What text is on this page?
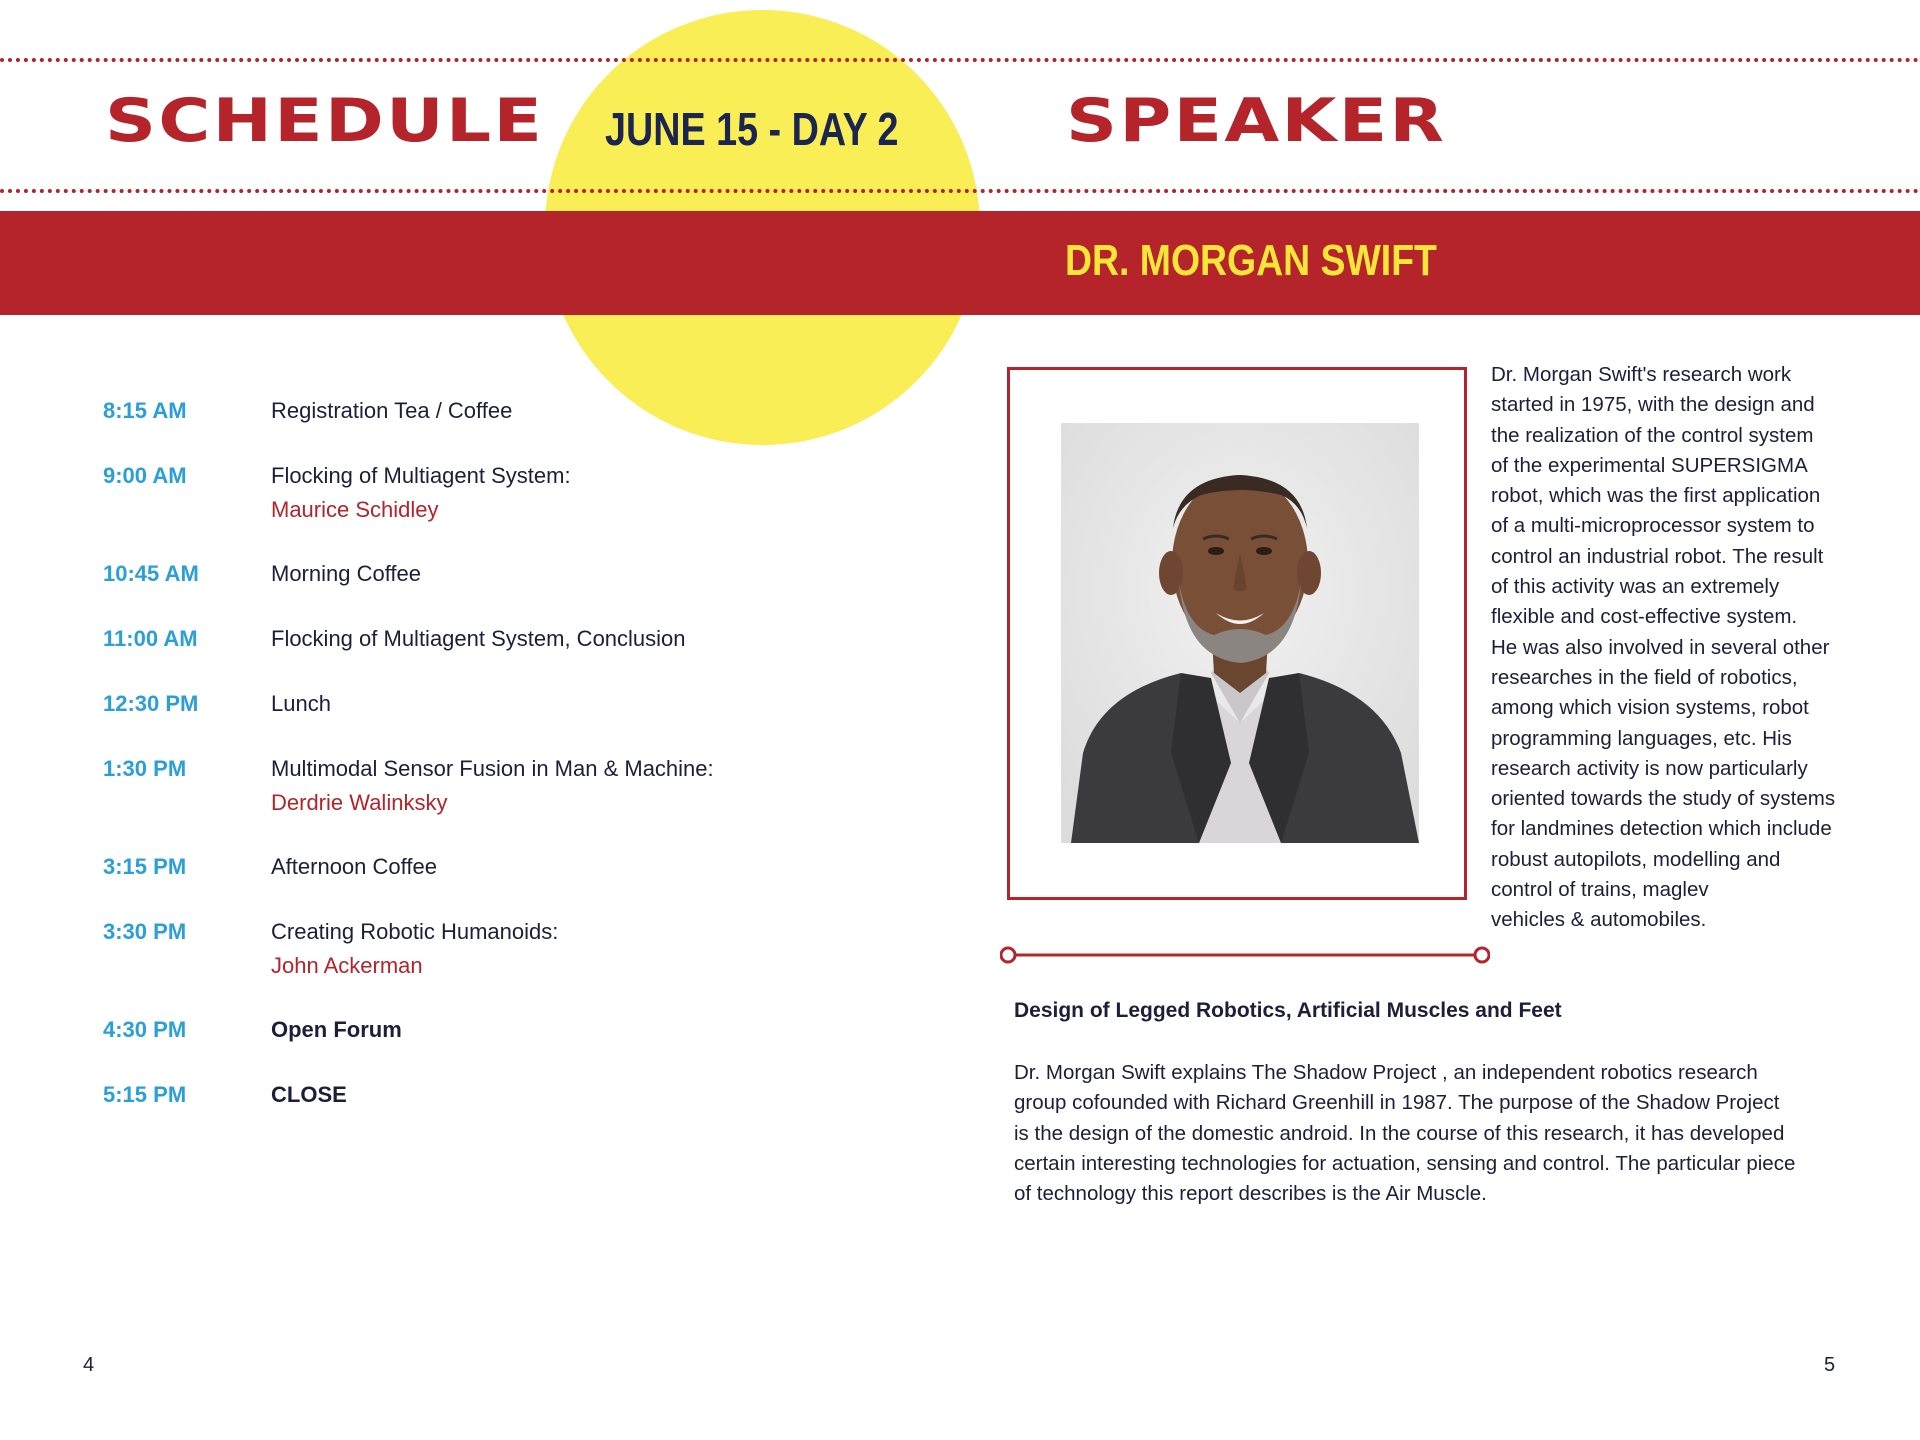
SCHEDULE JUNE 15 - DAY 2	SPEAKER
DR. MORGAN SWIFT
8:15 AM	Registration Tea / Coffee
9:00 AM	Flocking of Multiagent System:
Maurice Schidley
10:45 AM	Morning Coffee
11:00 AM	Flocking of Multiagent System, Conclusion
12:30 PM	Lunch
1:30 PM	Multimodal Sensor Fusion in Man & Machine:
Derdrie Walinksky
3:15 PM	Afternoon Coffee
3:30 PM	Creating Robotic Humanoids:
John Ackerman
4:30 PM	Open Forum
5:15 PM	CLOSE

Dr. Morgan Swift's research work
started in 1975, with the design and
the realization of the control system
of the experimental SUPERSIGMA
robot, which was the first application
of a multi-microprocessor system to
control an industrial robot. The result
of this activity was an extremely
flexible and cost-effective system.
He was also involved in several other
researches in the field of robotics,
among which vision systems, robot
programming languages, etc. His
research activity is now particularly
oriented towards the study of systems
for landmines detection which include
robust autopilots, modelling and
control of trains, maglev
vehicles & automobiles.

Design of Legged Robotics, Artificial Muscles and Feet

Dr. Morgan Swift explains The Shadow Project , an independent robotics research
group cofounded with Richard Greenhill in 1987. The purpose of the Shadow Project
is the design of the domestic android. In the course of this research, it has developed
certain interesting technologies for actuation, sensing and control. The particular piece
of technology this report describes is the Air Muscle.

4	5
